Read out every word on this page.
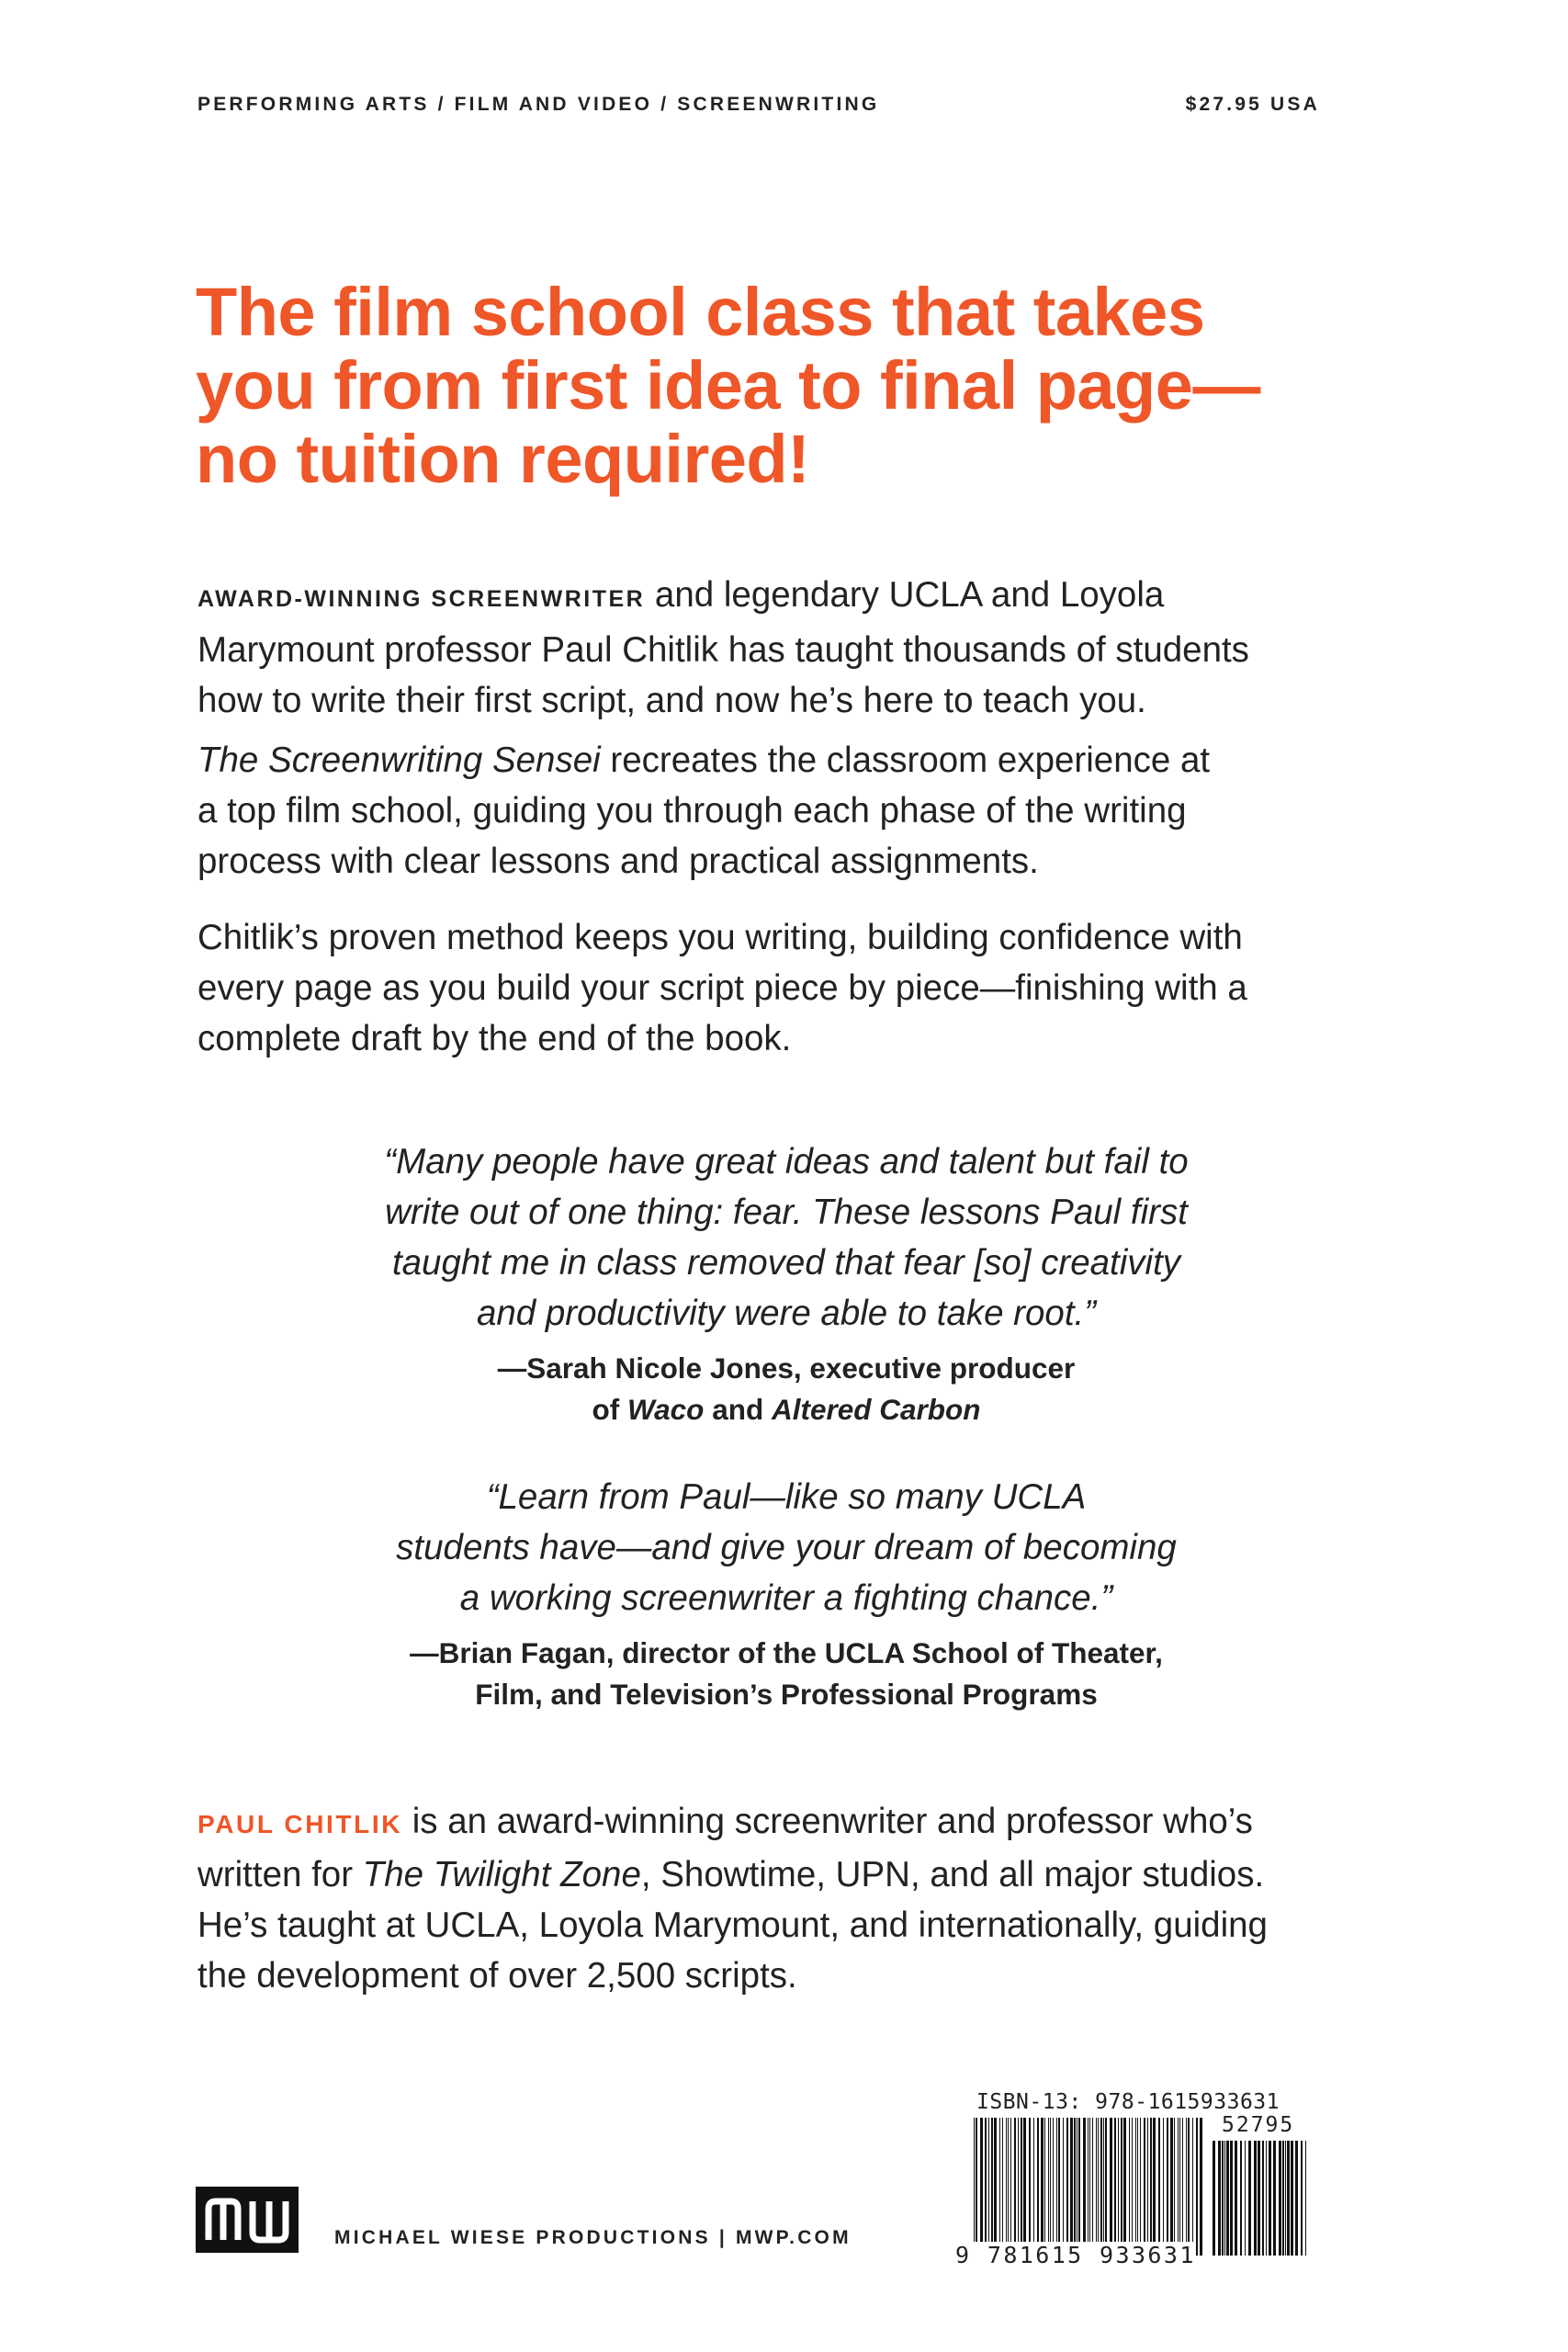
PERFORMING ARTS / FILM AND VIDEO / SCREENWRITING	$27.95 USA
The film school class that takes
you from first idea to final page—
no tuition required!

AWARD-WINNING SCREENWRITER and legendary UCLA and Loyola
Marymount professor Paul Chitlik has taught thousands of students
how to write their first script, and now he’s here to teach you.

The Screenwriting Sensei recreates the classroom experience at
a top film school, guiding you through each phase of the writing
process with clear lessons and practical assignments.

Chitlik’s proven method keeps you writing, building confidence with
every page as you build your script piece by piece—finishing with a
complete draft by the end of the book.

“Many people have great ideas and talent but fail to
write out of one thing: fear. These lessons Paul first
taught me in class removed that fear [so] creativity
and productivity were able to take root.”

—Sarah Nicole Jones, executive producer
of Waco and Altered Carbon

“Learn from Paul—like so many UCLA
students have—and give your dream of becoming
a working screenwriter a fighting chance.”

—Brian Fagan, director of the UCLA School of Theater,
Film, and Television’s Professional Programs

PAUL CHITLIK is an award-winning screenwriter and professor who’s
written for The Twilight Zone, Showtime, UPN, and all major studios.
He’s taught at UCLA, Loyola Marymount, and internationally, guiding
the development of over 2,500 scripts.

MICHAEL WIESE PRODUCTIONS | MWP.COM
ISBN-13: 978-1615933631
52795
9 781615 933631
